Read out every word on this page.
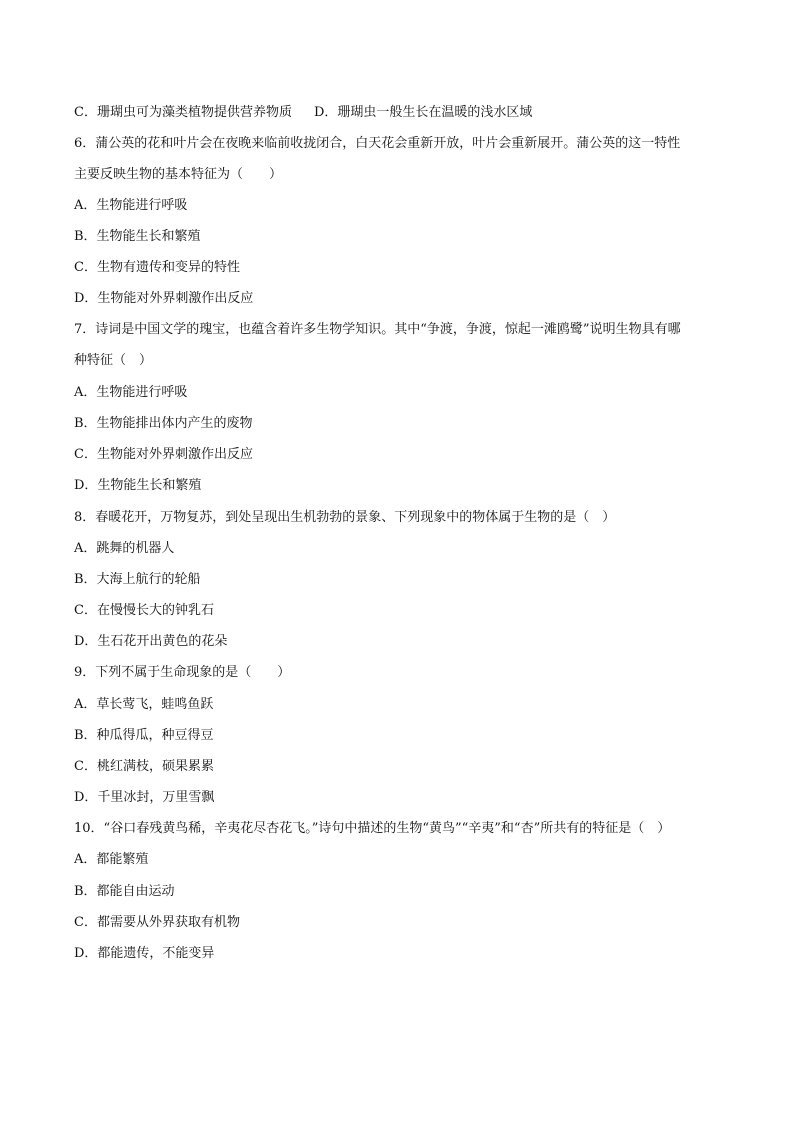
C．珊瑚虫可为藻类植物提供营养物质 D．珊瑚虫一般生长在温暖的浅水区域
6．蒲公英的花和叶片会在夜晚来临前收拢闭合，白天花会重新开放，叶片会重新展开。蒲公英的这一特性
主要反映生物的基本特征为（　　）
A．生物能进行呼吸
B．生物能生长和繁殖
C．生物有遗传和变异的特性
D．生物能对外界刺激作出反应
7．诗词是中国文学的瑰宝，也蕴含着许多生物学知识。其中“争渡，争渡，惊起一滩鸥鹭”说明生物具有哪
种特征（　）
A．生物能进行呼吸
B．生物能排出体内产生的废物
C．生物能对外界刺激作出反应
D．生物能生长和繁殖
8．春暖花开，万物复苏，到处呈现出生机勃勃的景象、下列现象中的物体属于生物的是（　）
A．跳舞的机器人
B．大海上航行的轮船
C．在慢慢长大的钟乳石
D．生石花开出黄色的花朵
9．下列不属于生命现象的是（　　）
A．草长莺飞，蛙鸣鱼跃
B．种瓜得瓜，种豆得豆
C．桃红满枝，硕果累累
D．千里冰封，万里雪飘
10．“谷口春残黄鸟稀，辛夷花尽杏花飞。”诗句中描述的生物“黄鸟”“辛夷”和“杏”所共有的特征是（　）
A．都能繁殖
B．都能自由运动
C．都需要从外界获取有机物
D．都能遗传，不能变异
